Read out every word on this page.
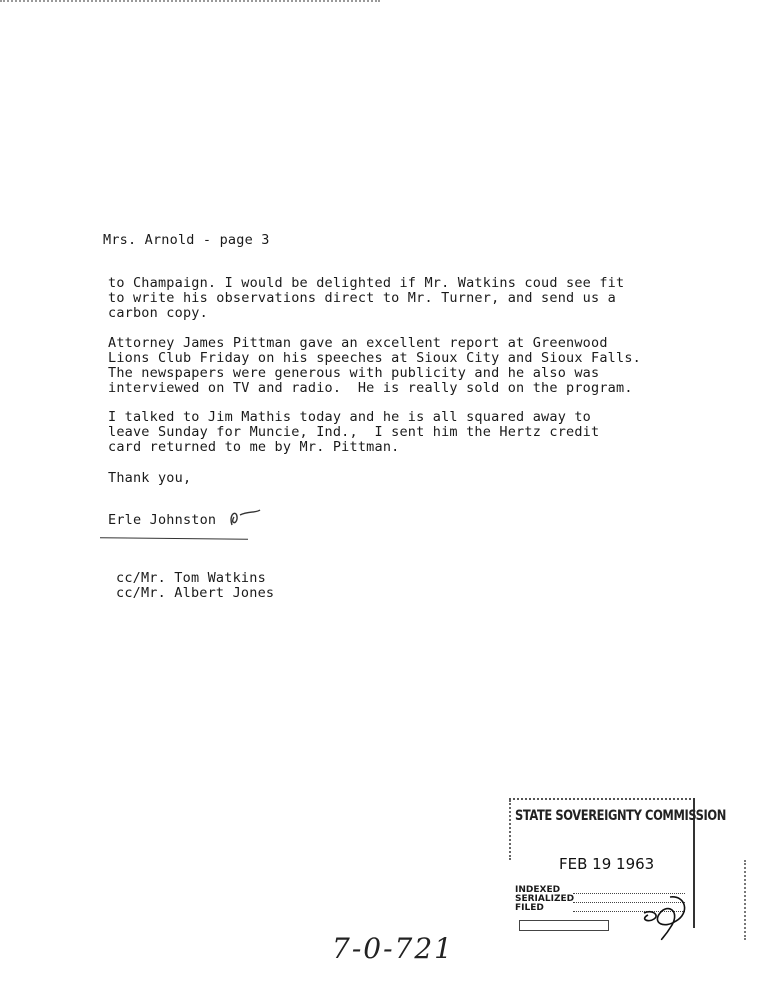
Mrs. Arnold - page 3
to Champaign. I would be delighted if Mr. Watkins coud see fit
to write his observations direct to Mr. Turner, and send us a
carbon copy.
Attorney James Pittman gave an excellent report at Greenwood
Lions Club Friday on his speeches at Sioux City and Sioux Falls.
The newspapers were generous with publicity and he also was
interviewed on TV and radio.  He is really sold on the program.
I talked to Jim Mathis today and he is all squared away to
leave Sunday for Muncie, Ind.,  I sent him the Hertz credit
card returned to me by Mr. Pittman.
Thank you,
Erle Johnston
cc/Mr. Tom Watkins
cc/Mr. Albert Jones
STATE SOVEREIGNTY COMMISSION
FEB 19 1963
INDEXED
SERIALIZED
FILED
7-0-721
